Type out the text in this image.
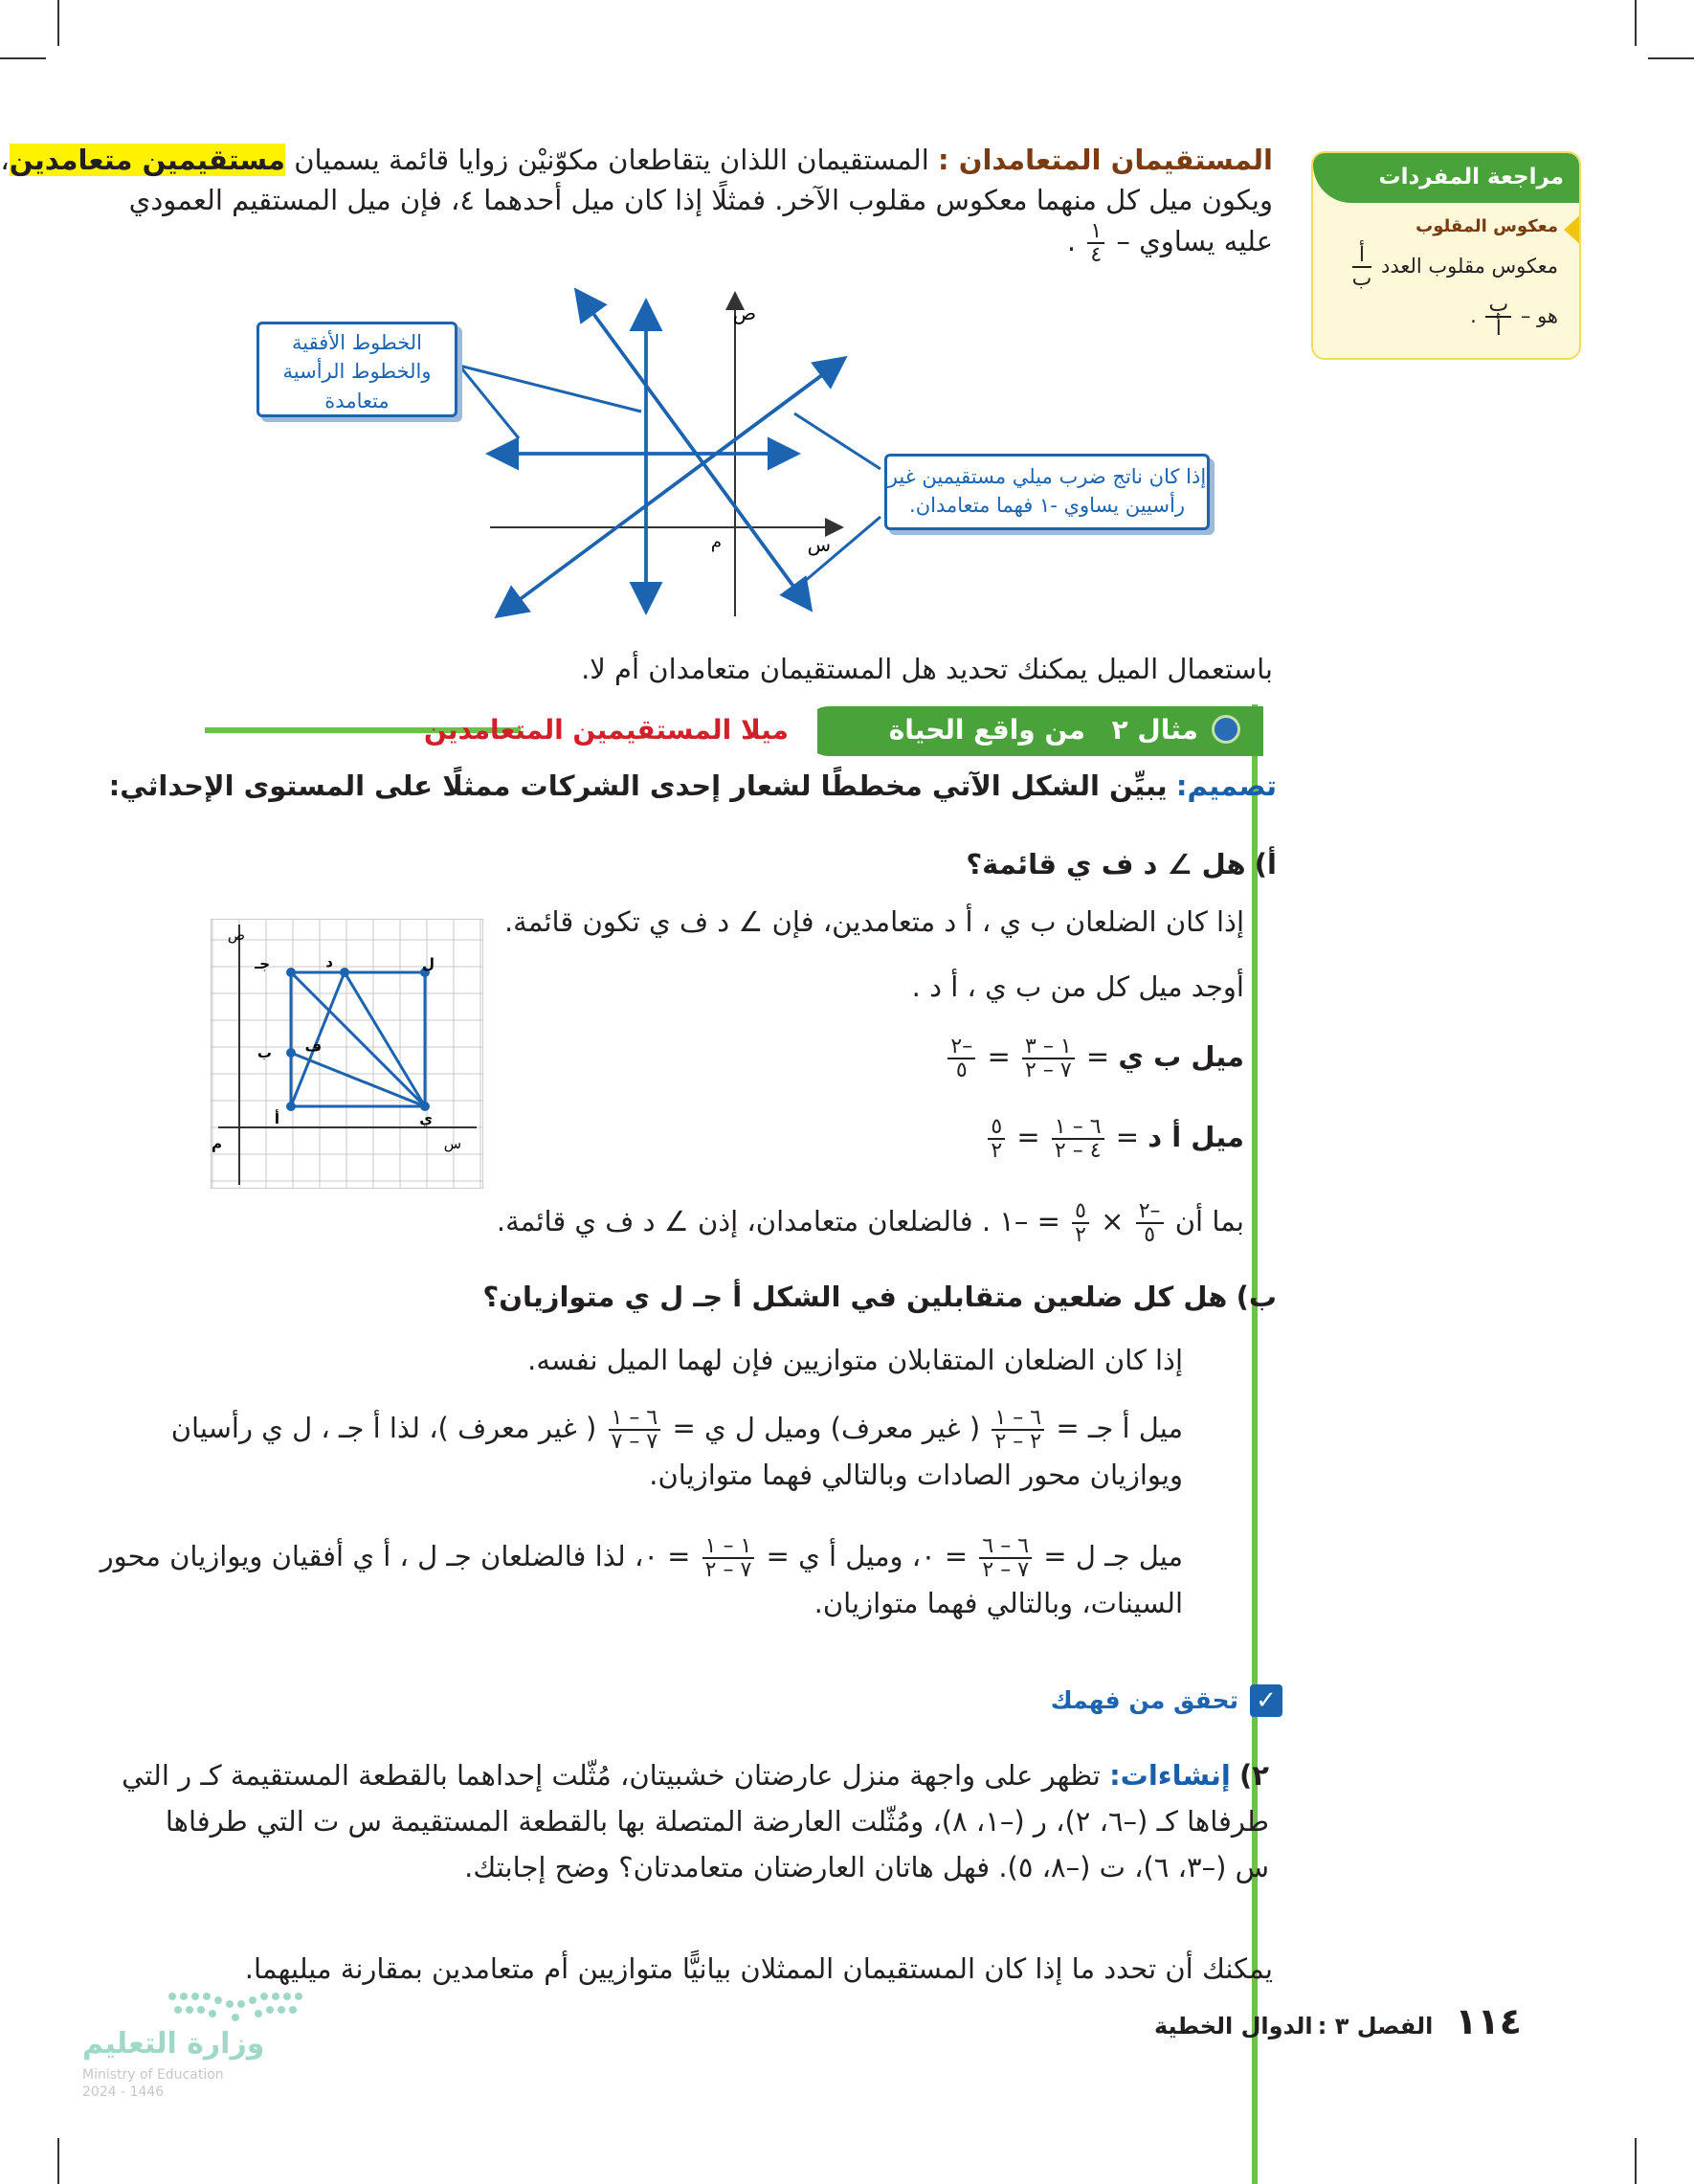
مراجعة المفردات
معكوس المقلوب
معكوس مقلوب العدد
$\frac{\text{أ}}{\text{ب}}$
هو –
$\frac{\text{ب}}{\text{أ}}$
.
المستقيمان المتعامدان : المستقيمان اللذان يتقاطعان مكوّنيْن زوايا قائمة يسميان مستقيمين متعامدين،
ويكون ميل كل منهما معكوس مقلوب الآخر. فمثلًا إذا كان ميل أحدهما ٤، فإن ميل المستقيم العمودي
عليه يساوي –
$\frac{١}{٤}$
.
ص
س
م
الخطوط الأفقية
والخطوط الرأسية
متعامدة
إذا كان ناتج ضرب ميلي مستقيمين غير
رأسيين يساوي -١ فهما متعامدان.
باستعمال الميل يمكنك تحديد هل المستقيمان متعامدان أم لا.
مثال ٢
من واقع الحياة
ميلا المستقيمين المتعامدين
تصميم: يبيِّن الشكل الآتي مخططًا لشعار إحدى الشركات ممثلًا على المستوى الإحداثي:
أ) هل ∠ د ف ي قائمة؟
إذا كان الضلعان ب ي ، أ د متعامدين، فإن ∠ د ف ي تكون قائمة.
أوجد ميل كل من ب ي ، أ د .
ميل ب ي =
$\frac{١ - ٣}{٧ - ٢}$
=
$\frac{-٢}{٥}$
ميل أ د =
$\frac{٦ - ١}{٤ - ٢}$
=
$\frac{٥}{٢}$
بما أن
$\frac{-٢}{٥}$
×
$\frac{٥}{٢}$
= –١ . فالضلعان متعامدان، إذن ∠ د ف ي قائمة.
جـ	د	ل
ب ف
أ	ي
ص
س
م
ب) هل كل ضلعين متقابلين في الشكل أ جـ ل ي متوازيان؟
إذا كان الضلعان المتقابلان متوازيين فإن لهما الميل نفسه.
ميل أ جـ =
$\frac{٦ - ١}{٢ - ٢}$
( غير معرف) وميل ل ي =
$\frac{٦ - ١}{٧ - ٧}$
( غير معرف )، لذا أ جـ ، ل ي رأسيان
ويوازيان محور الصادات وبالتالي فهما متوازيان.
ميل جـ ل =
$\frac{٦ - ٦}{٧ - ٢}$
= ٠، وميل أ ي =
$\frac{١ - ١}{٧ - ٢}$
= ٠، لذا فالضلعان جـ ل ، أ ي أفقيان ويوازيان محور
السينات، وبالتالي فهما متوازيان.
✓
تحقق من فهمك
٢) إنشاءات: تظهر على واجهة منزل عارضتان خشبيتان، مُثّلت إحداهما بالقطعة المستقيمة كـ ر التي
طرفاها كـ (–٦، ٢)، ر (–١، ٨)، ومُثّلت العارضة المتصلة بها بالقطعة المستقيمة س ت التي طرفاها
س (–٣، ٦)، ت (–٨، ٥). فهل هاتان العارضتان متعامدتان؟ وضح إجابتك.
يمكنك أن تحدد ما إذا كان المستقيمان الممثلان بيانيًّا متوازيين أم متعامدين بمقارنة ميليهما.
١١٤ الفصل ٣ : الدوال الخطية
وزارة التعليم
Ministry of Education
2024 - 1446
